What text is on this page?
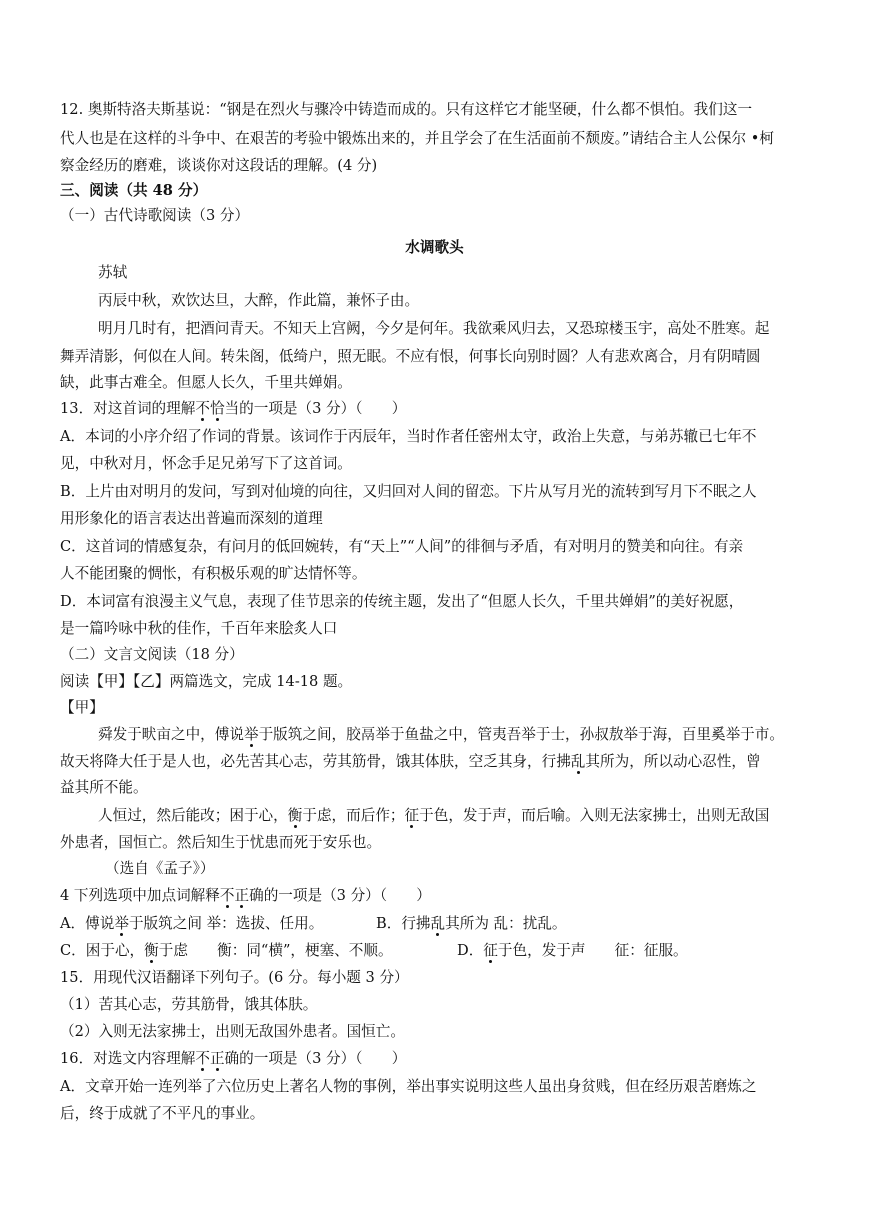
12. 奥斯特洛夫斯基说：“钢是在烈火与骤冷中铸造而成的。只有这样它才能坚硬，什么都不惧怕。我们这一
代人也是在这样的斗争中、在艰苦的考验中锻炼出来的，并且学会了在生活面前不颓废。”请结合主人公保尔 •柯
察金经历的磨难，谈谈你对这段话的理解。(4 分)
三、阅读（共 48 分）
（一）古代诗歌阅读（3 分）
水调歌头
苏轼
丙辰中秋，欢饮达旦，大醉，作此篇，兼怀子由。
明月几时有，把酒问青天。不知天上宫阙，今夕是何年。我欲乘风归去，又恐琼楼玉宇，高处不胜寒。起
舞弄清影，何似在人间。转朱阁，低绮户，照无眠。不应有恨，何事长向别时圆？人有悲欢离合，月有阴晴圆
缺，此事古难全。但愿人长久，千里共婵娟。
13．对这首词的理解不恰当的一项是（3 分）（　　）
A．本词的小序介绍了作词的背景。该词作于丙辰年，当时作者任密州太守，政治上失意，与弟苏辙已七年不
见，中秋对月，怀念手足兄弟写下了这首词。
B．上片由对明月的发问，写到对仙境的向往，又归回对人间的留恋。下片从写月光的流转到写月下不眠之人
用形象化的语言表达出普遍而深刻的道理
C．这首词的情感复杂，有问月的低回婉转，有“天上”“人间”的徘徊与矛盾，有对明月的赞美和向往。有亲
人不能团聚的惆怅，有积极乐观的旷达情怀等。
D．本词富有浪漫主义气息，表现了佳节思亲的传统主题，发出了“但愿人长久，千里共婵娟”的美好祝愿，
是一篇吟咏中秋的佳作，千百年来脍炙人口
（二）文言文阅读（18 分）
阅读【甲】【乙】两篇选文，完成 14-18 题。
【甲】
舜发于畎亩之中，傅说举于版筑之间，胶鬲举于鱼盐之中，管夷吾举于士，孙叔敖举于海，百里奚举于市。
故天将降大任于是人也，必先苦其心志，劳其筋骨，饿其体肤，空乏其身，行拂乱其所为，所以动心忍性，曾
益其所不能。
人恒过，然后能改；困于心，衡于虑，而后作；征于色，发于声，而后喻。入则无法家拂士，出则无敌国
外患者，国恒亡。然后知生于忧患而死于安乐也。
（选自《孟子》）
4 下列选项中加点词解释不正确的一项是（3 分）（　　）
A．傅说举于版筑之间 举：选拔、任用。	B．行拂乱其所为 乱：扰乱。
C．困于心，衡于虑　　衡：同“横”，梗塞、不顺。	D．征于色，发于声　　征：征服。
15．用现代汉语翻译下列句子。(6 分。每小题 3 分）
（1）苦其心志，劳其筋骨，饿其体肤。
（2）入则无法家拂士，出则无敌国外患者。国恒亡。
16．对选文内容理解不正确的一项是（3 分）（　　）
A．文章开始一连列举了六位历史上著名人物的事例，举出事实说明这些人虽出身贫贱，但在经历艰苦磨炼之
后，终于成就了不平凡的事业。
